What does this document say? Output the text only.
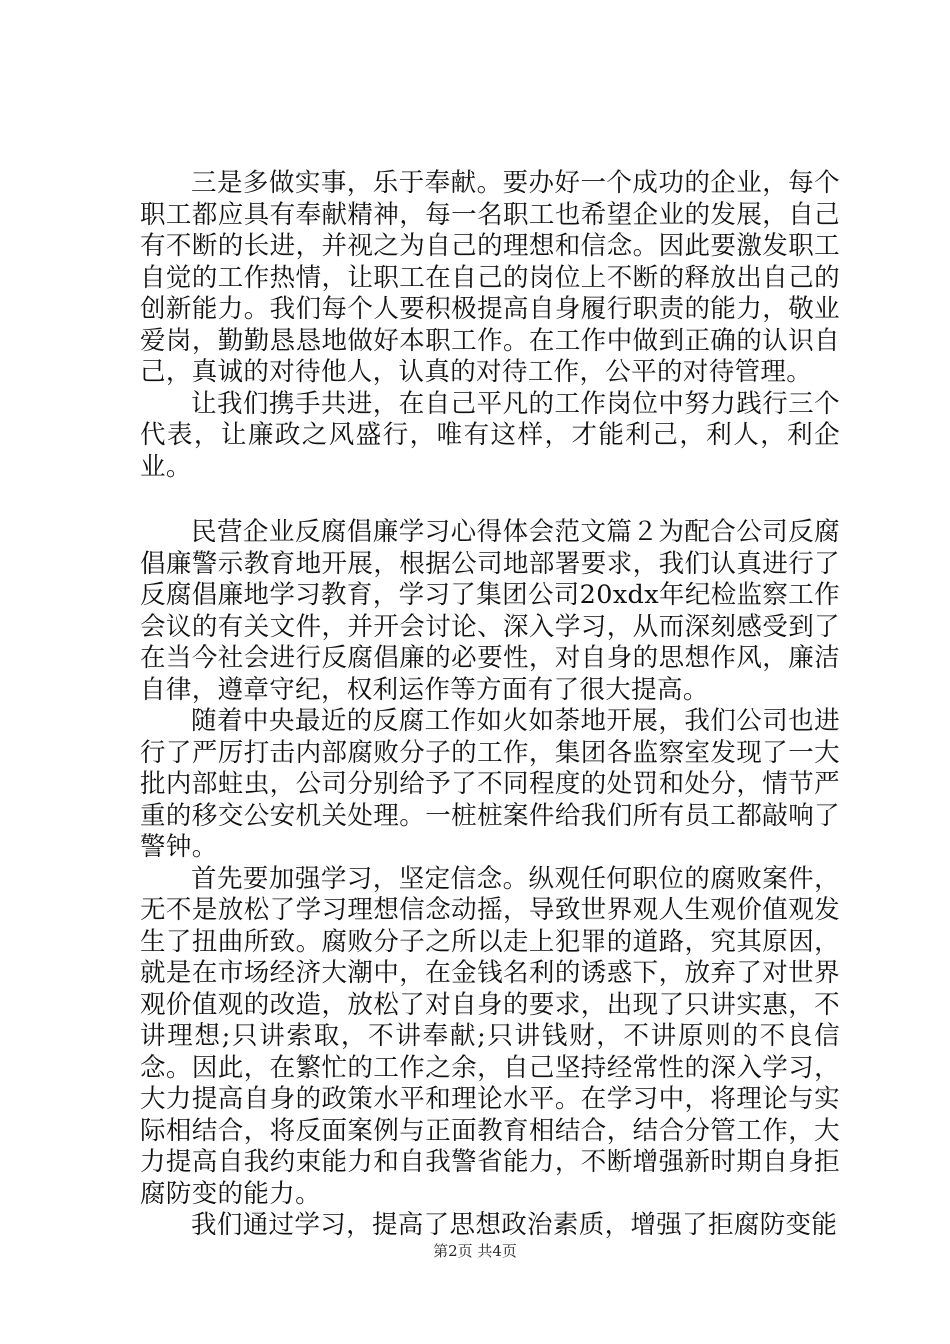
三是多做实事，乐于奉献。要办好一个成功的企业，每个职工都应具有奉献精神，每一名职工也希望企业的发展，自己有不断的长进，并视之为自己的理想和信念。因此要激发职工自觉的工作热情，让职工在自己的岗位上不断的释放出自己的创新能力。我们每个人要积极提高自身履行职责的能力，敬业爱岗，勤勤恳恳地做好本职工作。在工作中做到正确的认识自己，真诚的对待他人，认真的对待工作，公平的对待管理。

让我们携手共进，在自己平凡的工作岗位中努力践行三个代表，让廉政之风盛行，唯有这样，才能利己，利人，利企业。

民营企业反腐倡廉学习心得体会范文篇２为配合公司反腐倡廉警示教育地开展，根据公司地部署要求，我们认真进行了反腐倡廉地学习教育，学习了集团公司20xdx年纪检监察工作会议的有关文件，并开会讨论、深入学习，从而深刻感受到了在当今社会进行反腐倡廉的必要性，对自身的思想作风，廉洁自律，遵章守纪，权利运作等方面有了很大提高。

随着中央最近的反腐工作如火如荼地开展，我们公司也进行了严厉打击内部腐败分子的工作，集团各监察室发现了一大批内部蛀虫，公司分别给予了不同程度的处罚和处分，情节严重的移交公安机关处理。一桩桩案件给我们所有员工都敲响了警钟。

首先要加强学习，坚定信念。纵观任何职位的腐败案件，无不是放松了学习理想信念动摇，导致世界观人生观价值观发生了扭曲所致。腐败分子之所以走上犯罪的道路，究其原因，就是在市场经济大潮中，在金钱名利的诱惑下，放弃了对世界观价值观的改造，放松了对自身的要求，出现了只讲实惠，不讲理想;只讲索取，不讲奉献;只讲钱财，不讲原则的不良信念。因此，在繁忙的工作之余，自己坚持经常性的深入学习，大力提高自身的政策水平和理论水平。在学习中，将理论与实际相结合，将反面案例与正面教育相结合，结合分管工作，大力提高自我约束能力和自我警省能力，不断增强新时期自身拒腐防变的能力。

我们通过学习，提高了思想政治素质，增强了拒腐防变能

第2页 共4页
